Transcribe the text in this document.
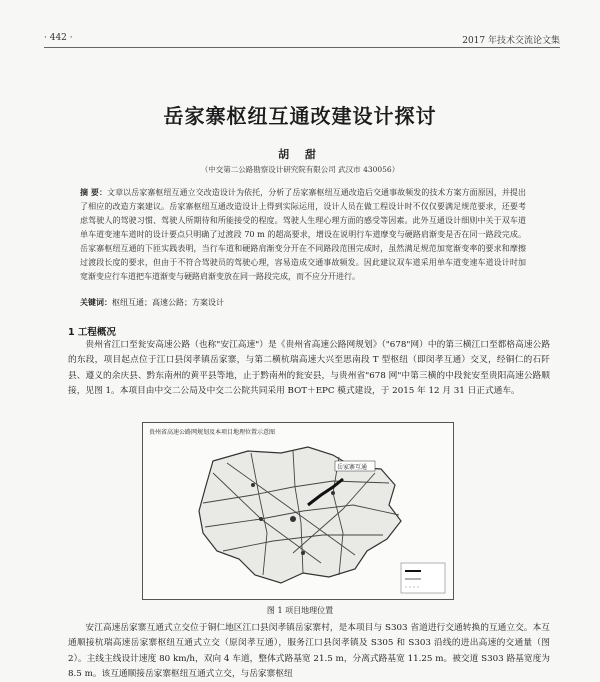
· 442 ·	2017 年技术交流论文集
岳家寨枢纽互通改建设计探讨
胡 甜
（中交第二公路勘察设计研究院有限公司 武汉市 430056）
摘 要：文章以岳家寨枢纽互通立交改造设计为依托，分析了岳家寨枢纽互通改造后交通事故频发的技术方案方面原因，并提出了相应的改造方案建议。岳家寨枢纽互通改造设计上得到实际运用，设计人员在做工程设计时不仅仅要满足规范要求，还要考虑驾驶人的驾驶习惯、驾驶人所期待和所能接受的程度。驾驶人生理心理方面的感受等因素。此外互通设计细则中关于双车道单车道变速车道时的设计要点只明确了过渡段 70 m 的超高要求，增设在说明行车道摩变与硬路肩渐变是否在同一路段完成。岳家寨枢纽互通的下匝实践表明，当行车道和硬路肩渐变分开在不同路段范围完成时，虽然满足规范加宽渐变率的要求和摩擦过渡段长度的要求，但由于不符合驾驶员的驾驶心理，容易造成交通事故频发。因此建议双车道采用单车道变速车道设计时加宽渐变应行车道把车道渐变与硬路肩渐变放在同一路段完成，而不应分开进行。
关键词：枢纽互通；高速公路；方案设计
1 工程概况
贵州省江口至瓮安高速公路（也称"安江高速"）是《贵州省高速公路网规划》（"678"网）中的第三横江口至都格高速公路的东段，项目起点位于江口县闵孝镇岳家寨，与第二横杭瑞高速大兴至思南段 T 型枢纽（即闵孝互通）交叉，经铜仁的石阡县、遵义的余庆县、黔东南州的黄平县等地，止于黔南州的瓮安县，与贵州省"678 网"中第三横的中段瓮安至贵阳高速公路顺接，见图 1。本项目由中交二公局及中交二公院共同采用 BOT＋EPC 模式建设，于 2015 年 12 月 31 日正式通车。
贵州省高速公路网规划及本项目地理位置示意图
岳家寨互通
图 1 项目地理位置
安江高速岳家寨互通式立交位于铜仁地区江口县闵孝镇岳家寨村，是本项目与 S303 省道进行交通转换的互通立交。本互通顺接杭瑞高速岳家寨枢纽互通式立交（原闵孝互通），服务江口县闵孝镇及 S305 和 S303 沿线的进出高速的交通量（图 2）。主线主线设计速度 80 km/h，双向 4 车道，整体式路基宽 21.5 m，分离式路基宽 11.25 m。被交道 S303 路基宽度为 8.5 m。该互通顺接岳家寨枢纽互通式立交，与岳家寨枢纽
